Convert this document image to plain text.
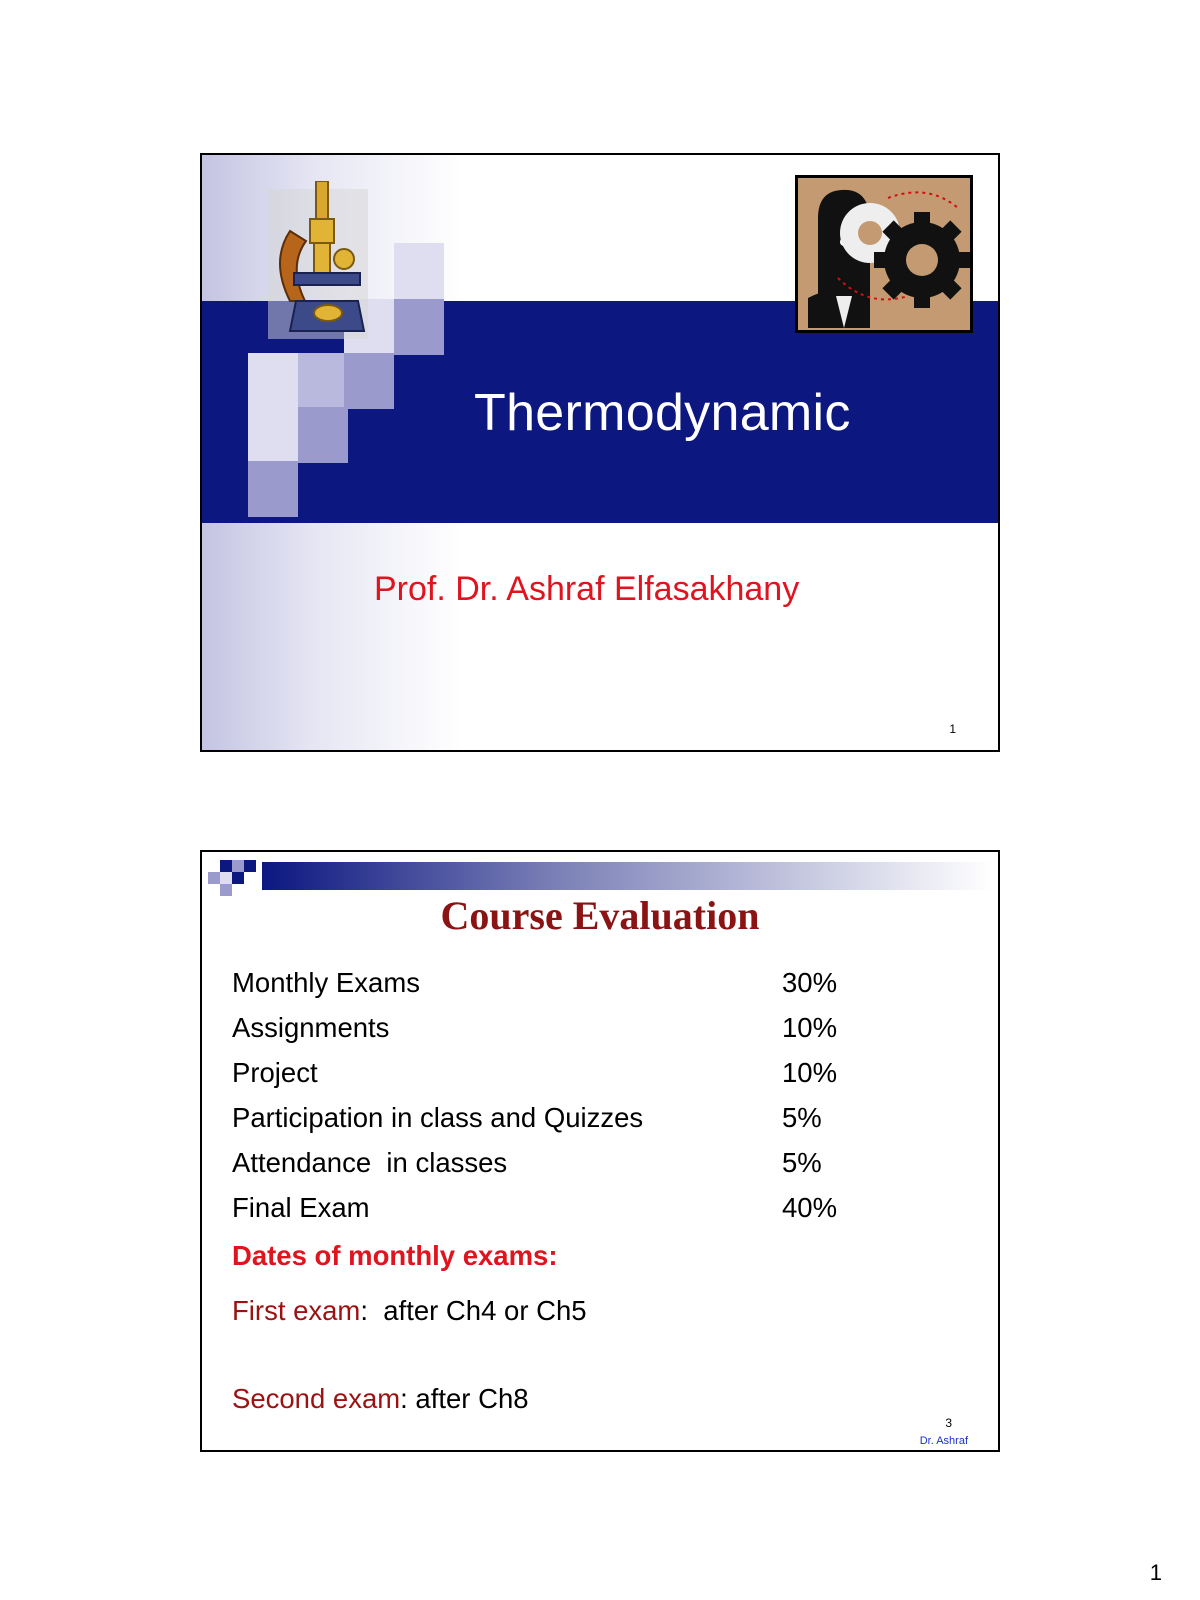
Thermodynamic
Prof. Dr. Ashraf Elfasakhany
1
Course Evaluation
Monthly Exams	30%
Assignments	10%
Project	10%
Participation in class and Quizzes	5%
Attendance  in classes	5%
Final Exam	40%
Dates of monthly exams:
First exam:  after Ch4 or Ch5
Second exam: after Ch8
3
Dr. Ashraf
1
